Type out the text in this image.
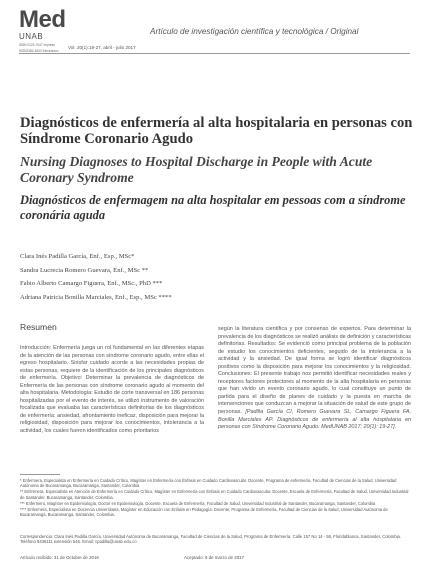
Med
UNAB
ISSN 0123-7047 Impreso
ISSN2382-4603 Electrónico
Artículo de investigación científica y tecnológica / Original
Vol. 20(1):19-27, abril - julio 2017
Diagnósticos de enfermería al alta hospitalaria en personas con Síndrome Coronario Agudo
Nursing Diagnoses to Hospital Discharge in People with Acute Coronary Syndrome
Diagnósticos de enfermagem na alta hospitalar em pessoas com a síndrome coronária aguda
Clara Inés Padilla García, Enf., Esp., MSc*
Sandra Lucrecia Romero Guevara, Enf., MSc **
Fabio Alberto Camargo Figuera, Enf., MSc., PhD ***
Adriana Patricia Bonilla Marciales, Enf., Esp., MSc ****
Resumen

Introducción: Enfermería juega un rol fundamental en las diferentes etapas de la atención de las personas con síndrome coronario agudo, entre ellas el egreso hospitalario. Sirisfar cuidado acorde a las necesidades propias de estas personas, requiere de la identificación de los principales diagnósticos de enfermería. Objetivo: Determinar la prevalencia de diagnósticos de Enfermería de las personas con síndrome coronario agudo al momento del alta hospitalaria. Metodología: Estudio de corte transversal en 186 personas hospitalizadas por el evento de interés, se utilizó instrumento de valoración focalizada que evaluaba las características definitorias de los diagnósticos de enfermería: ansiedad, afrontamiento ineficaz, disposición para mejorar la religiosidad, disposición para mejorar los conocimientos, intolerancia a la actividad, los cuales fueron identificados como prioritarios

según la literatura científica y por consenso de expertos. Para determinar la prevalencia de los diagnósticos se realizó análisis de definición y características definitorias. Resultados: Se evidenció como principal problema de la población de estudio los conocimientos deficientes, seguido de la intolerancia a la actividad y la ansiedad. De igual forma se logró identificar diagnósticos positivos como la disposición para mejorar los conocimientos y la religiosidad. Conclusiones: El presente trabajo nos permitió identificar necesidades reales y receptores factores protectores al momento de la alta hospitalaria en personas que han vivido un evento coronario agudo, lo cual constituye un punto de partida para el diseño de planes de cuidado y la puesta en marcha de intervenciones que conduzcan a mejorar la situación de salud de este grupo de personas. [Padilla García CI, Romero Guevara SL, Camargo Figuera FA, Bonilla Marciales AP. Diagnósticos de enfermería al alta hospitalaria en personas con Síndrome Coronario Agudo. MedUNAB 2017; 20(1): 19-27].

* Enfermera, Especialista en Enfermería en Cuidado Crítico, Magíster en Enfermería con Énfasis en Cuidado Cardiovascular. Docente, Programa de enfermería, Facultad de Ciencias de la Salud, Universidad Autónoma de Bucaramanga, Bucaramanga, Santander, Colombia
** Enfermera, Especialista en Atención de Enfermería en Cuidado Crítico, Magíster en Enfermería con Énfasis en Cuidado Cardiovascular. Docente, Escuela de Enfermería, Facultad de Salud, Universidad Industrial de Santander, Bucaramanga, Santander, Colombia.
*** Enfermero, Magíster en Epidemiología, Doctor en Epidemiología. Docente, Escuela de Enfermería, Facultad de Salud, Universidad Industrial de Santander, Bucaramanga, Santander, Colombia
**** Enfermera, Especialista en Docencia Universitaria, Magíster en Educación con Énfasis en Pedagogía. Docente, Programa de Enfermería, Facultad de Ciencias de la Salud, Universidad Autónoma de Bucaramanga, Bucaramanga, Santander, Colombia.
Correspondencia: Clara Inés Padilla García, Universidad Autónoma de Bucaramanga, Facultad de Ciencias de la Salud, Programa de Enfermería, Calle 157 No 14 - 55, Floridablanca, Santander, Colombia. Teléfono 6436111 extensión 545. Email: cpadilla@unab.edu.co
Artículo recibido: 31 de Octubre de 2016	Aceptado: 9 de marzo de 2017
